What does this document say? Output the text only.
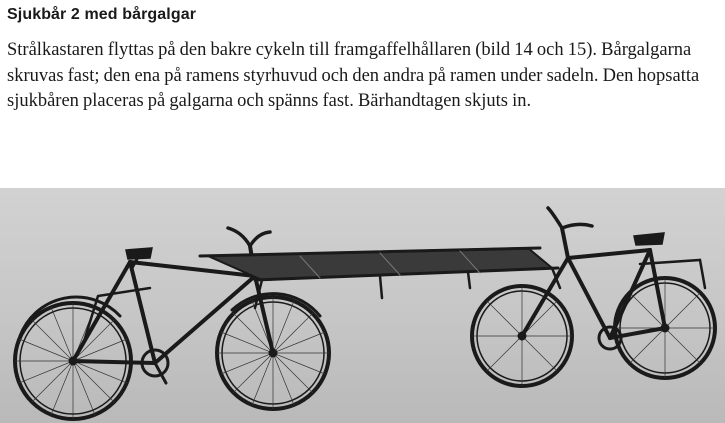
Sjukbår 2 med bårgalgar
Strålkastaren flyttas på den bakre cykeln till framgaffelhållaren (bild 14 och 15). Bårgalgarna skruvas fast; den ena på ramens styrhuvud och den andra på ramen under sadeln. Den hopsatta sjukbåren placeras på galgarna och spänns fast. Bärhandtagen skjuts in.
